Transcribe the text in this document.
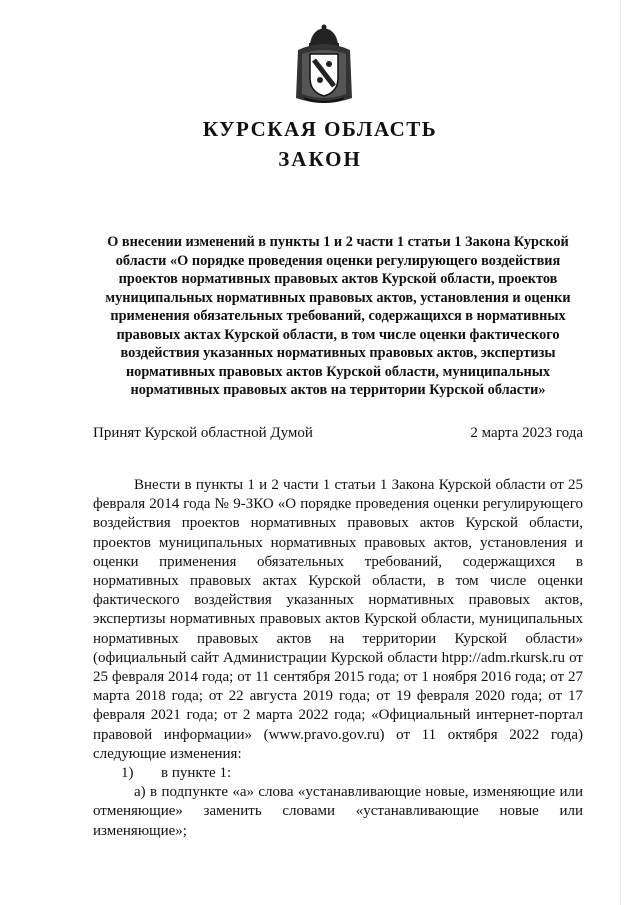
КУРСКАЯ ОБЛАСТЬ
ЗАКОН
О внесении изменений в пункты 1 и 2 части 1 статьи 1 Закона Курской области «О порядке проведения оценки регулирующего воздействия проектов нормативных правовых актов Курской области, проектов муниципальных нормативных правовых актов, установления и оценки применения обязательных требований, содержащихся в нормативных правовых актах Курской области, в том числе оценки фактического воздействия указанных нормативных правовых актов, экспертизы нормативных правовых актов Курской области, муниципальных нормативных правовых актов на территории Курской области»
Принят Курской областной Думой	2 марта 2023 года

Внести в пункты 1 и 2 части 1 статьи 1 Закона Курской области от 25 февраля 2014 года № 9-ЗКО «О порядке проведения оценки регулирующего воздействия проектов нормативных правовых актов Курской области, проектов муниципальных нормативных правовых актов, установления и оценки применения обязательных требований, содержащихся в нормативных правовых актах Курской области, в том числе оценки фактического воздействия указанных нормативных правовых актов, экспертизы нормативных правовых актов Курской области, муниципальных нормативных правовых актов на территории Курской области» (официальный сайт Администрации Курской области htpp://adm.rkursk.ru от 25 февраля 2014 года; от 11 сентября 2015 года; от 1 ноября 2016 года; от 27 марта 2018 года; от 22 августа 2019 года; от 19 февраля 2020 года; от 17 февраля 2021 года; от 2 марта 2022 года; «Официальный интернет-портал правовой информации» (www.pravo.gov.ru) от 11 октября 2022 года) следующие изменения:

1) в пункте 1:

а) в подпункте «а» слова «устанавливающие новые, изменяющие или отменяющие» заменить словами «устанавливающие новые или изменяющие»;
